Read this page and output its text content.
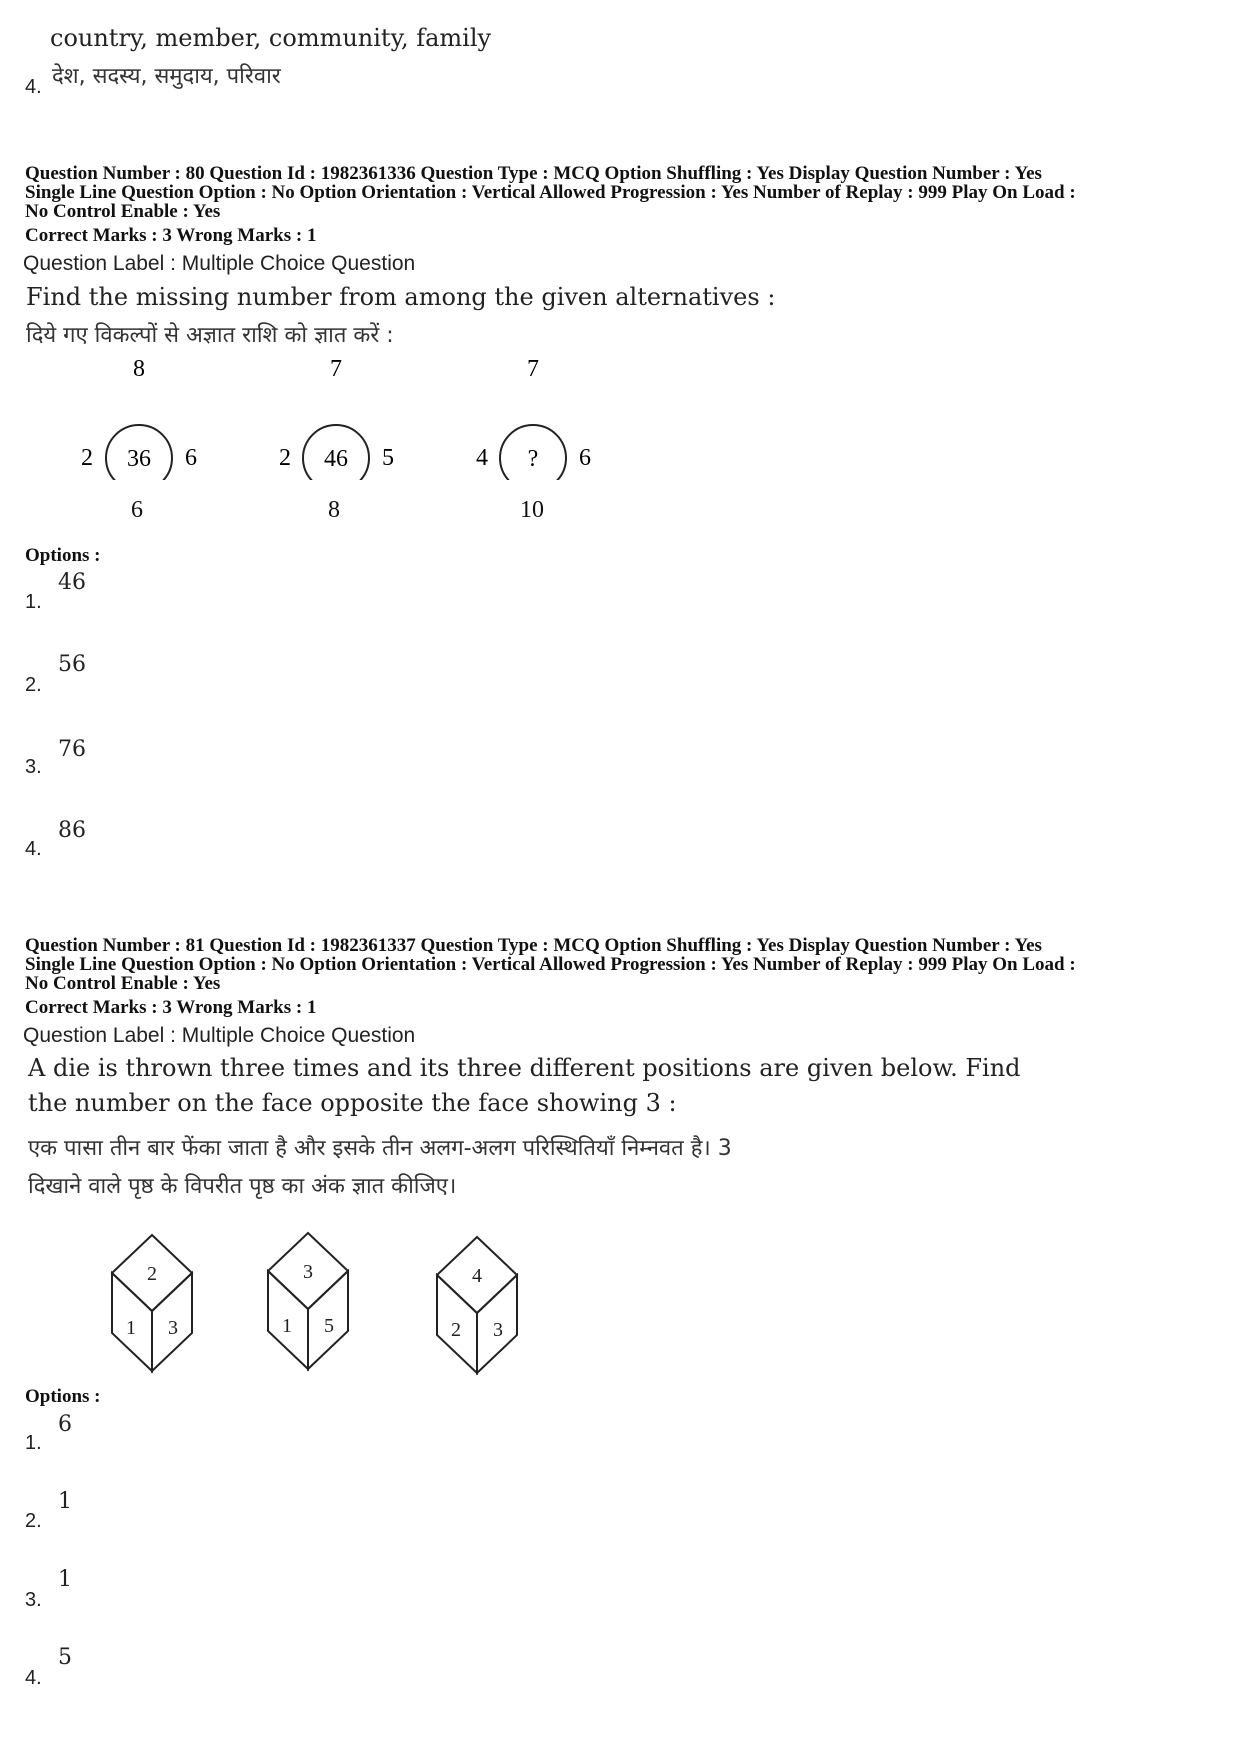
country, member, community, family
4. देश, सदस्य, समुदाय, परिवार
Question Number : 80 Question Id : 1982361336 Question Type : MCQ Option Shuffling : Yes Display Question Number : Yes
Single Line Question Option : No Option Orientation : Vertical Allowed Progression : Yes Number of Replay : 999 Play On Load :
No Control Enable : Yes
Correct Marks : 3 Wrong Marks : 1
Question Label : Multiple Choice Question
Find the missing number from among the given alternatives :
दिये गए विकल्पों से अज्ञात राशि को ज्ञात करें :
8
2 36 6
7
2 46 5
7
4 ? 6
6	8	10
Options :
1.
46
2.
56
3.
76
4.
86
Question Number : 81 Question Id : 1982361337 Question Type : MCQ Option Shuffling : Yes Display Question Number : Yes
Single Line Question Option : No Option Orientation : Vertical Allowed Progression : Yes Number of Replay : 999 Play On Load :
No Control Enable : Yes
Correct Marks : 3 Wrong Marks : 1
Question Label : Multiple Choice Question
A die is thrown three times and its three different positions are given below. Find
the number on the face opposite the face showing 3 :
एक पासा तीन बार फेंका जाता है और इसके तीन अलग-अलग परिस्थितियाँ निम्नवत है। 3
दिखाने वाले पृष्ठ के विपरीत पृष्ठ का अंक ज्ञात कीजिए।
2
1 3
3
1 5
4
2 3
Options :
1.
6
2.
1
3.
1
4.
5
